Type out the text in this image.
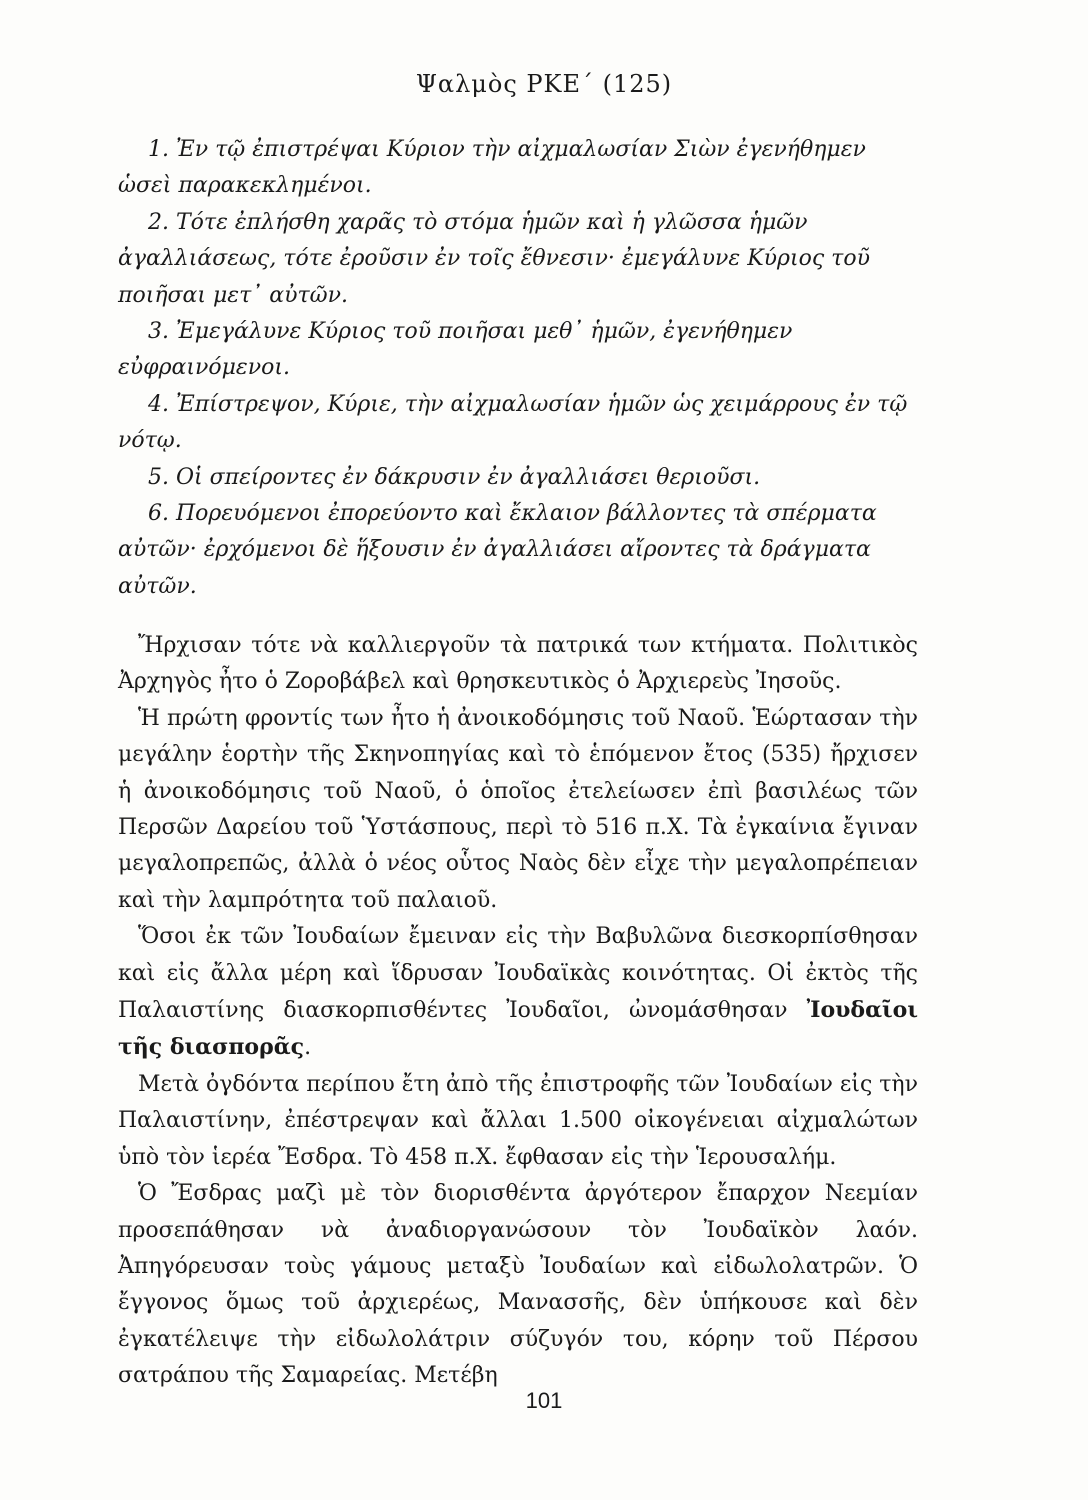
Ψαλμὸς ΡΚΕ΄ (125)

1. Ἐν τῷ ἐπιστρέψαι Κύριον τὴν αἰχμαλωσίαν Σιὼν ἐγενήθημεν ὡσεὶ παρακεκλημένοι.

2. Τότε ἐπλήσθη χαρᾶς τὸ στόμα ἡμῶν καὶ ἡ γλῶσσα ἡμῶν ἀγαλλιάσεως, τότε ἐροῦσιν ἐν τοῖς ἔθνεσιν· ἐμεγάλυνε Κύριος τοῦ ποιῆσαι μετ᾿ αὐτῶν.

3. Ἐμεγάλυνε Κύριος τοῦ ποιῆσαι μεθ᾿ ἡμῶν, ἐγενήθημεν εὐφραινόμενοι.

4. Ἐπίστρεψον, Κύριε, τὴν αἰχμαλωσίαν ἡμῶν ὡς χειμάρρους ἐν τῷ νότῳ.

5. Οἱ σπείροντες ἐν δάκρυσιν ἐν ἀγαλλιάσει θεριοῦσι.

6. Πορευόμενοι ἐπορεύοντο καὶ ἔκλαιον βάλλοντες τὰ σπέρματα αὐτῶν· ἐρχόμενοι δὲ ἥξουσιν ἐν ἀγαλλιάσει αἴροντες τὰ δράγματα αὐτῶν.

Ἤρχισαν τότε νὰ καλλιεργοῦν τὰ πατρικά των κτήματα. Πολιτικὸς Ἀρχηγὸς ἦτο ὁ Ζοροβάβελ καὶ θρησκευτικὸς ὁ Ἀρχιερεὺς Ἰησοῦς.

Ἡ πρώτη φροντίς των ἦτο ἡ ἀνοικοδόμησις τοῦ Ναοῦ. Ἑώρτασαν τὴν μεγάλην ἑορτὴν τῆς Σκηνοπηγίας καὶ τὸ ἑπόμενον ἔτος (535) ἤρχισεν ἡ ἀνοικοδόμησις τοῦ Ναοῦ, ὁ ὁποῖος ἐτελείωσεν ἐπὶ βασιλέως τῶν Περσῶν Δαρείου τοῦ Ὑστάσπους, περὶ τὸ 516 π.Χ. Τὰ ἐγκαίνια ἔγιναν μεγαλοπρεπῶς, ἀλλὰ ὁ νέος οὗτος Ναὸς δὲν εἶχε τὴν μεγαλοπρέπειαν καὶ τὴν λαμπρότητα τοῦ παλαιοῦ.

Ὅσοι ἐκ τῶν Ἰουδαίων ἔμειναν εἰς τὴν Βαβυλῶνα διεσκορπίσθησαν καὶ εἰς ἄλλα μέρη καὶ ἵδρυσαν Ἰουδαϊκὰς κοινότητας. Οἱ ἐκτὸς τῆς Παλαιστίνης διασκορπισθέντες Ἰουδαῖοι, ὠνομάσθησαν Ἰουδαῖοι τῆς διασπορᾶς.

Μετὰ ὀγδόντα περίπου ἔτη ἀπὸ τῆς ἐπιστροφῆς τῶν Ἰουδαίων εἰς τὴν Παλαιστίνην, ἐπέστρεψαν καὶ ἄλλαι 1.500 οἰκογένειαι αἰχμαλώτων ὑπὸ τὸν ἱερέα Ἔσδρα. Τὸ 458 π.Χ. ἔφθασαν εἰς τὴν Ἱερουσαλήμ.

Ὁ Ἔσδρας μαζὶ μὲ τὸν διορισθέντα ἀργότερον ἔπαρχον Νεεμίαν προσεπάθησαν νὰ ἀναδιοργανώσουν τὸν Ἰουδαϊκὸν λαόν. Ἀπηγόρευσαν τοὺς γάμους μεταξὺ Ἰουδαίων καὶ εἰδωλολατρῶν. Ὁ ἔγγονος ὅμως τοῦ ἀρχιερέως, Μανασσῆς, δὲν ὑπήκουσε καὶ δὲν ἐγκατέλειψε τὴν εἰδωλολάτριν σύζυγόν του, κόρην τοῦ Πέρσου σατράπου τῆς Σαμαρείας. Μετέβη

101
